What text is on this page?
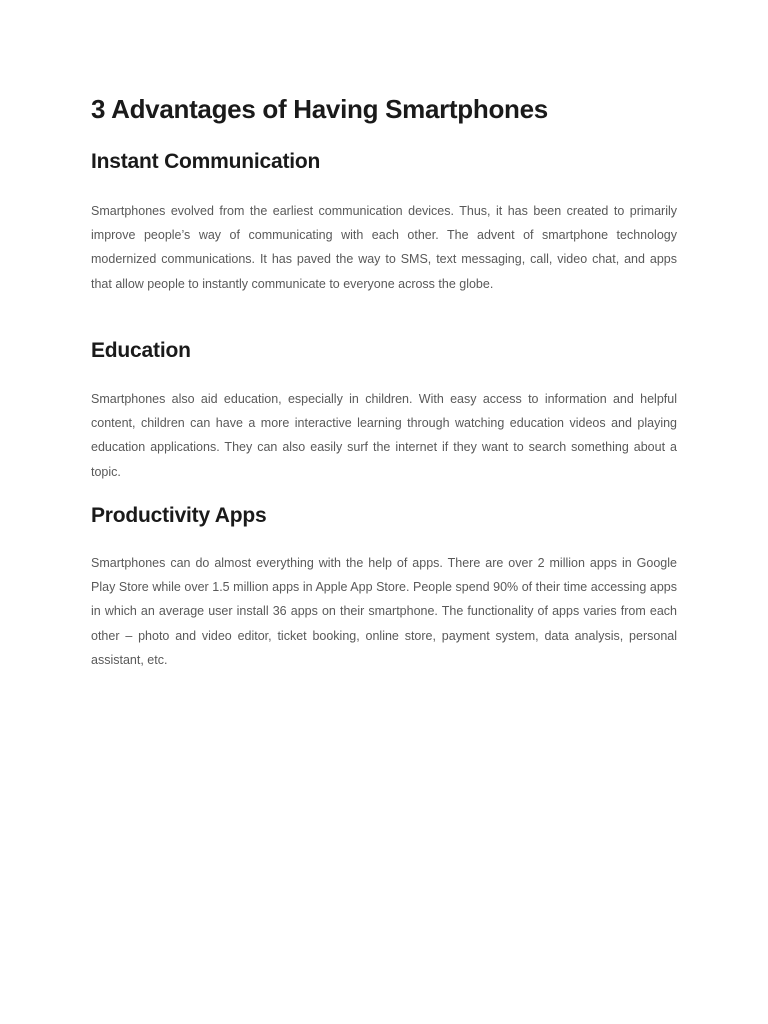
3 Advantages of Having Smartphones
Instant Communication

Smartphones evolved from the earliest communication devices. Thus, it has been created to primarily improve people’s way of communicating with each other. The advent of smartphone technology modernized communications. It has paved the way to SMS, text messaging, call, video chat, and apps that allow people to instantly communicate to everyone across the globe.

Education

Smartphones also aid education, especially in children. With easy access to information and helpful content, children can have a more interactive learning through watching education videos and playing education applications. They can also easily surf the internet if they want to search something about a topic.

Productivity Apps

Smartphones can do almost everything with the help of apps. There are over 2 million apps in Google Play Store while over 1.5 million apps in Apple App Store. People spend 90% of their time accessing apps in which an average user install 36 apps on their smartphone. The functionality of apps varies from each other – photo and video editor, ticket booking, online store, payment system, data analysis, personal assistant, etc.
